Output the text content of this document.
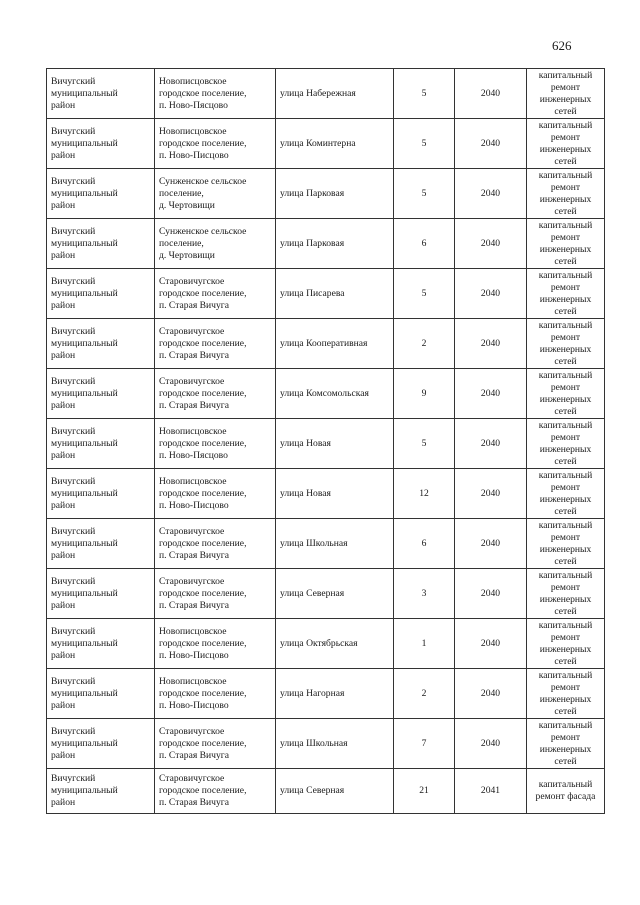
626
Вичугский
муниципальный
район	Новописцовское
городское поселение,
п. Ново-Пясцово	улица Набережная	5	2040	капитальный
ремонт
инженерных
сетей

Вичугский
муниципальный
район	Новописцовское
городское поселение,
п. Ново-Писцово	улица Коминтерна	5	2040	капитальный
ремонт
инженерных
сетей

Вичугский
муниципальный
район	Сунженское сельское
поселение,
д. Чертовищи	улица Парковая	5	2040	капитальный
ремонт
инженерных
сетей

Вичугский
муниципальный
район	Сунженское сельское
поселение,
д. Чертовищи	улица Парковая	6	2040	капитальный
ремонт
инженерных
сетей

Вичугский
муниципальный
район	Старовичугское
городское поселение,
п. Старая Вичуга	улица Писарева	5	2040	капитальный
ремонт
инженерных
сетей

Вичугский
муниципальный
район	Старовичугское
городское поселение,
п. Старая Вичуга	улица Кооперативная	2	2040	капитальный
ремонт
инженерных
сетей

Вичугский
муниципальный
район	Старовичугское
городское поселение,
п. Старая Вичуга	улица Комсомольская	9	2040	капитальный
ремонт
инженерных
сетей

Вичугский
муниципальный
район	Новописцовское
городское поселение,
п. Ново-Пясцово	улица Новая	5	2040	капитальный
ремонт
инженерных
сетей

Вичугский
муниципальный
район	Новописцовское
городское поселение,
п. Ново-Писцово	улица Новая	12	2040	капитальный
ремонт
инженерных
сетей

Вичугский
муниципальный
район	Старовичугское
городское поселение,
п. Старая Вичуга	улица Школьная	6	2040	капитальный
ремонт
инженерных
сетей

Вичугский
муниципальный
район	Старовичугское
городское поселение,
п. Старая Вичуга	улица Северная	3	2040	капитальный
ремонт
инженерных
сетей

Вичугский
муниципальный
район	Новописцовское
городское поселение,
п. Ново-Писцово	улица Октябрьская	1	2040	капитальный
ремонт
инженерных
сетей

Вичугский
муниципальный
район	Новописцовское
городское поселение,
п. Ново-Писцово	улица Нагорная	2	2040	капитальный
ремонт
инженерных
сетей

Вичугский
муниципальный
район	Старовичугское
городское поселение,
п. Старая Вичуга	улица Школьная	7	2040	капитальный
ремонт
инженерных
сетей

Вичугский
муниципальный
район	Старовичугское
городское поселение,
п. Старая Вичуга	улица Северная	21	2041	капитальный
ремонт фасада
